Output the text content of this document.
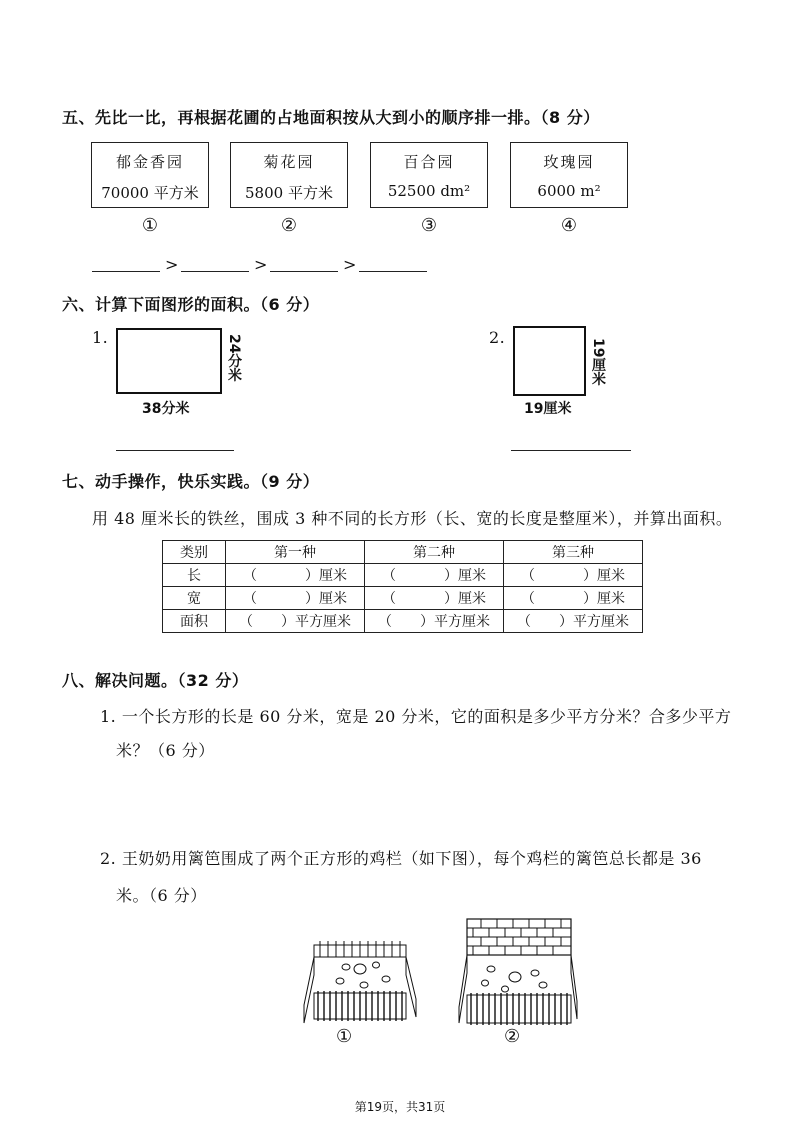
五、先比一比，再根据花圃的占地面积按从大到小的顺序排一排。（8 分）
郁金香园
70000 平方米
菊花园
5800 平方米
百合园
52500 dm²
玫瑰园
6000 m²
①	②	③	④
>	>	>
六、计算下面图形的面积。（6 分）
1.	24分米
38分米
2.
19厘米
19厘米
七、动手操作，快乐实践。（9 分）
用 48 厘米长的铁丝，围成 3 种不同的长方形（长、宽的长度是整厘米），并算出面积。
类别	第一种	第二种	第三种
长	（ ）厘米	（ ）厘米	（ ）厘米
宽	（ ）厘米	（ ）厘米	（ ）厘米
面积	（ ）平方厘米	（ ）平方厘米	（ ）平方厘米
八、解决问题。（32 分）
1. 一个长方形的长是 60 分米，宽是 20 分米，它的面积是多少平方分米？合多少平方
米？（6 分）
2. 王奶奶用篱笆围成了两个正方形的鸡栏（如下图），每个鸡栏的篱笆总长都是 36
米。（6 分）
①	②
第19页，共31页
